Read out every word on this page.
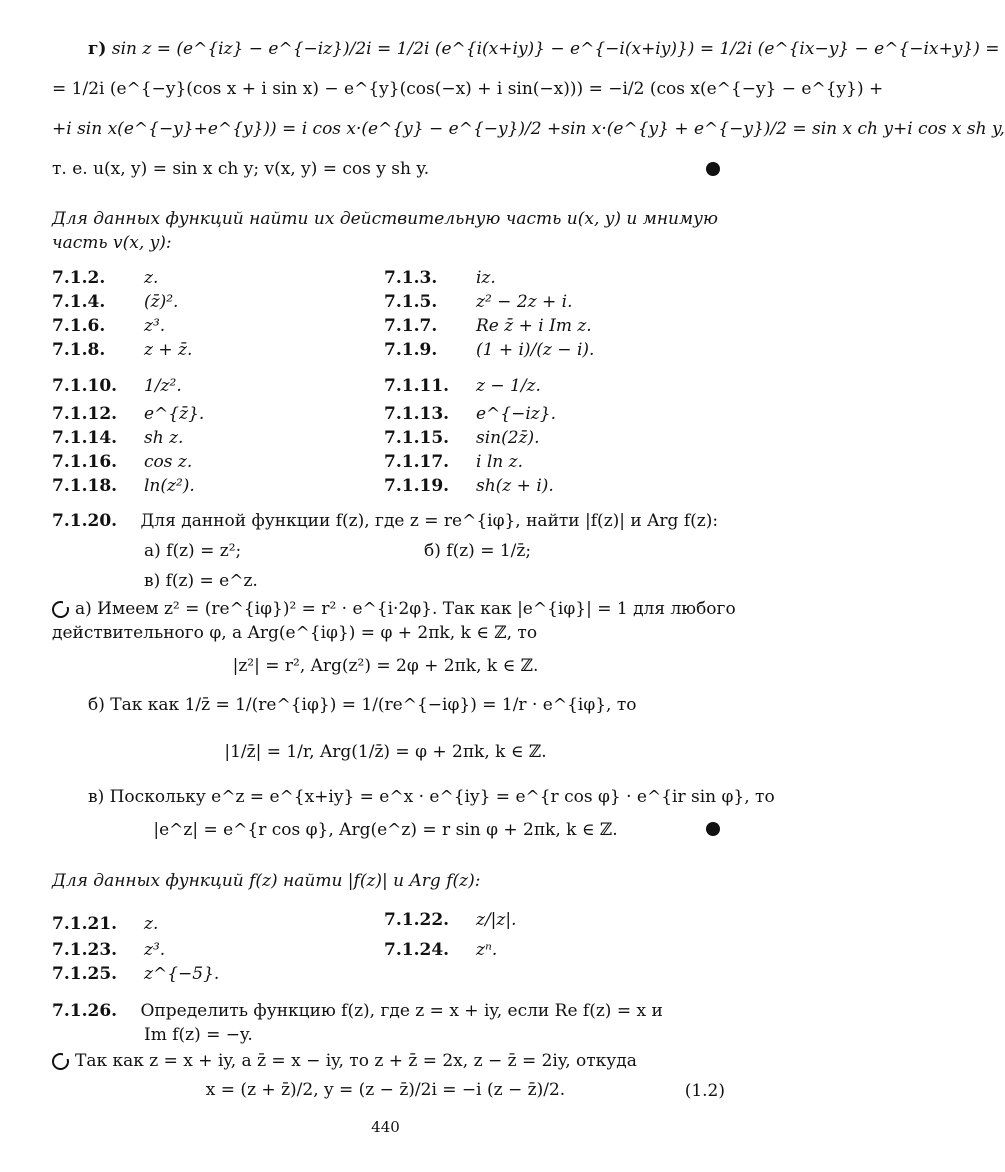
г) sin z = (e^{iz} − e^{−iz})/2i = 1/2i (e^{i(x+iy)} − e^{−i(x+iy)}) = 1/2i (e^{ix−y} − e^{−ix+y}) =
= 1/2i (e^{−y}(cos x + i sin x) − e^{y}(cos(−x) + i sin(−x))) = −i/2 (cos x(e^{−y} − e^{y}) +
+i sin x(e^{−y}+e^{y})) = i cos x·(e^{y} − e^{−y})/2 +sin x·(e^{y} + e^{−y})/2 = sin x ch y+i cos x sh y,
т. е. u(x, y) = sin x ch y; v(x, y) = cos y sh y.
Для данных функций найти их действительную часть u(x, y) и мнимую
часть v(x, y):
7.1.2. z.	7.1.3. iz.
7.1.4. (z̄)².	7.1.5. z² − 2z + i.
7.1.6. z³.	7.1.7. Re z̄ + i Im z.
7.1.8. z + z̄.	7.1.9. (1 + i)/(z − i).
7.1.10. 1/z².	7.1.11. z − 1/z.
7.1.12. e^{z̄}.	7.1.13. e^{−iz}.
7.1.14. sh z.	7.1.15. sin(2z̄).
7.1.16. cos z.	7.1.17. i ln z.
7.1.18. ln(z²).	7.1.19. sh(z + i).
7.1.20. Для данной функции f(z), где z = re^{iφ}, найти |f(z)| и Arg f(z):
а) f(z) = z²;	б) f(z) = 1/z̄;
в) f(z) = e^z.
а) Имеем z² = (re^{iφ})² = r² · e^{i·2φ}. Так как |e^{iφ}| = 1 для любого
действительного φ, а Arg(e^{iφ}) = φ + 2πk, k ∈ ℤ, то
|z²| = r², Arg(z²) = 2φ + 2πk, k ∈ ℤ.
б) Так как 1/z̄ = 1/(re^{iφ}) = 1/(re^{−iφ}) = 1/r · e^{iφ}, то
|1/z̄| = 1/r, Arg(1/z̄) = φ + 2πk, k ∈ ℤ.
в) Поскольку e^z = e^{x+iy} = e^x · e^{iy} = e^{r cos φ} · e^{ir sin φ}, то
|e^z| = e^{r cos φ}, Arg(e^z) = r sin φ + 2πk, k ∈ ℤ.
Для данных функций f(z) найти |f(z)| и Arg f(z):
7.1.21. z.	7.1.22. z/|z|.
7.1.23. z³.	7.1.24. zⁿ.
7.1.25. z^{−5}.
7.1.26. Определить функцию f(z), где z = x + iy, если Re f(z) = x и
Im f(z) = −y.
Так как z = x + iy, а z̄ = x − iy, то z + z̄ = 2x, z − z̄ = 2iy, откуда
x = (z + z̄)/2, y = (z − z̄)/2i = −i (z − z̄)/2.	(1.2)
440
